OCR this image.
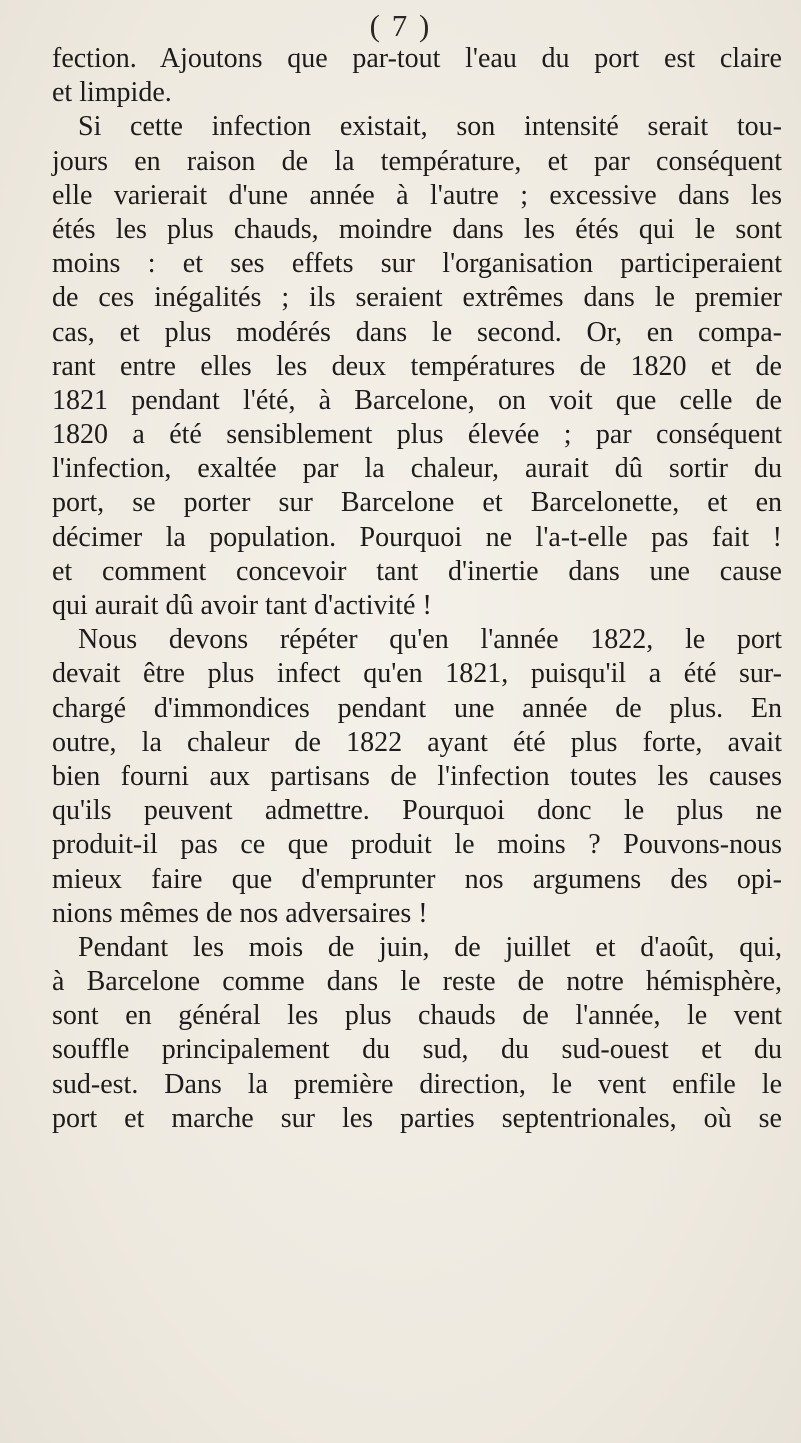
( 7 )
fection. Ajoutons que par-tout l'eau du port est claire
et limpide.
Si cette infection existait, son intensité serait tou-
jours en raison de la température, et par conséquent
elle varierait d'une année à l'autre ; excessive dans les
étés les plus chauds, moindre dans les étés qui le sont
moins : et ses effets sur l'organisation participeraient
de ces inégalités ; ils seraient extrêmes dans le premier
cas, et plus modérés dans le second. Or, en compa-
rant entre elles les deux températures de 1820 et de
1821 pendant l'été, à Barcelone, on voit que celle de
1820 a été sensiblement plus élevée ; par conséquent
l'infection, exaltée par la chaleur, aurait dû sortir du
port, se porter sur Barcelone et Barcelonette, et en
décimer la population. Pourquoi ne l'a-t-elle pas fait !
et comment concevoir tant d'inertie dans une cause
qui aurait dû avoir tant d'activité !
Nous devons répéter qu'en l'année 1822, le port
devait être plus infect qu'en 1821, puisqu'il a été sur-
chargé d'immondices pendant une année de plus. En
outre, la chaleur de 1822 ayant été plus forte, avait
bien fourni aux partisans de l'infection toutes les causes
qu'ils peuvent admettre. Pourquoi donc le plus ne
produit-il pas ce que produit le moins ? Pouvons-nous
mieux faire que d'emprunter nos argumens des opi-
nions mêmes de nos adversaires !
Pendant les mois de juin, de juillet et d'août, qui,
à Barcelone comme dans le reste de notre hémisphère,
sont en général les plus chauds de l'année, le vent
souffle principalement du sud, du sud-ouest et du
sud-est. Dans la première direction, le vent enfile le
port et marche sur les parties septentrionales, où se
